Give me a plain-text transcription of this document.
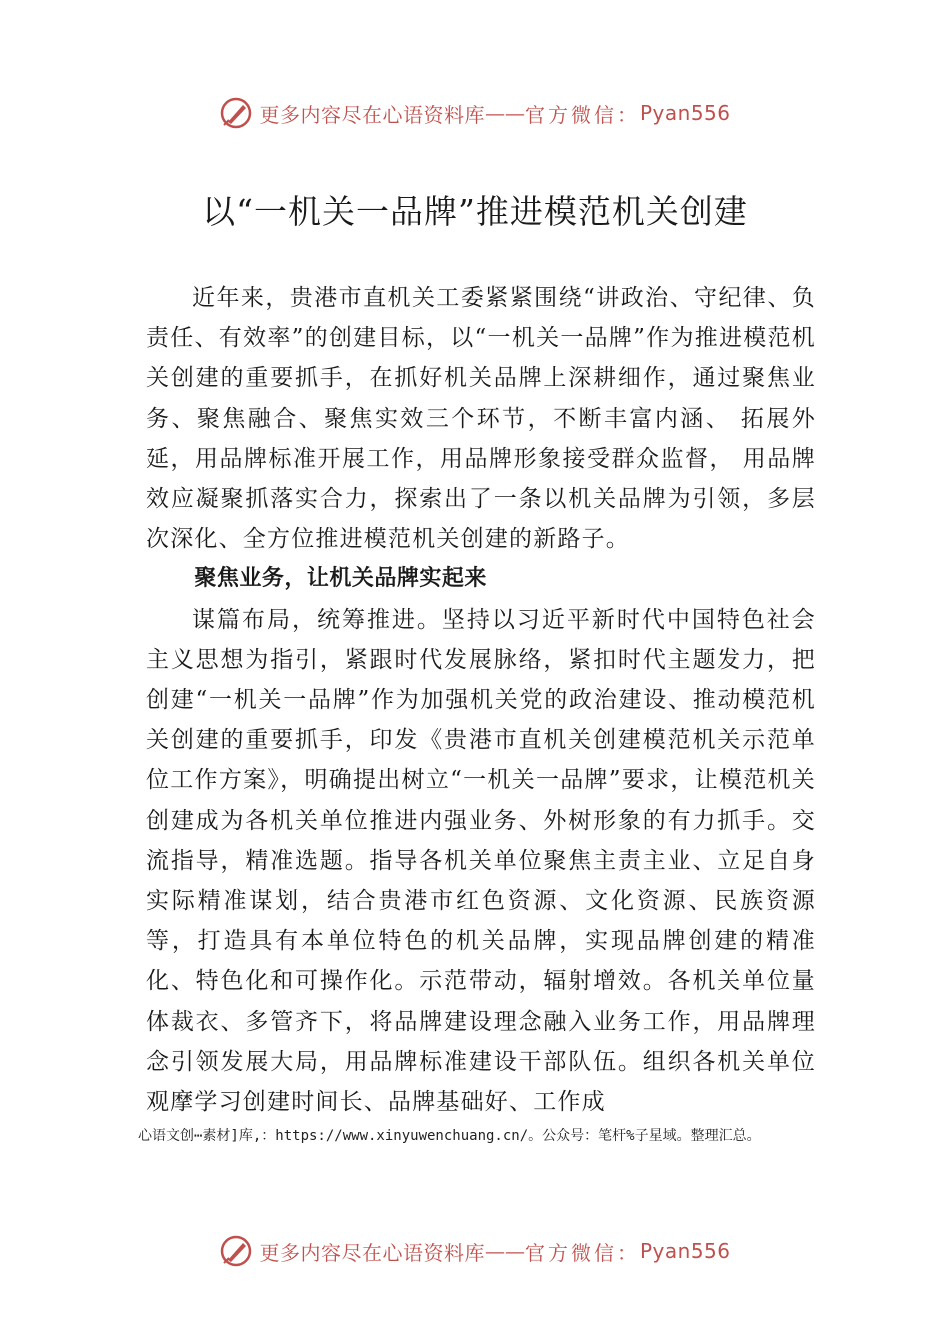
更多内容尽在心语资料库 —— 官方微信： Pyan556
以“一机关一品牌”推进模范机关创建

近年来，贵港市直机关工委紧紧围绕“讲政治、守纪律、负责任、有效率”的创建目标，以“一机关一品牌”作为推进模范机关创建的重要抓手，在抓好机关品牌上深耕细作，通过聚焦业务、聚焦融合、聚焦实效三个环节，不断丰富内涵、 拓展外延，用品牌标准开展工作，用品牌形象接受群众监督， 用品牌效应凝聚抓落实合力，探索出了一条以机关品牌为引领，多层次深化、全方位推进模范机关创建的新路子。

聚焦业务，让机关品牌实起来

谋篇布局，统筹推进。坚持以习近平新时代中国特色社会主义思想为指引，紧跟时代发展脉络，紧扣时代主题发力，把创建“一机关一品牌”作为加强机关党的政治建设、推动模范机关创建的重要抓手，印发《贵港市直机关创建模范机关示范单位工作方案》，明确提出树立“一机关一品牌”要求，让模范机关创建成为各机关单位推进内强业务、外树形象的有力抓手。交流指导，精准选题。指导各机关单位聚焦主责主业、立足自身实际精准谋划，结合贵港市红色资源、文化资源、民族资源等，打造具有本单位特色的机关品牌，实现品牌创建的精准化、特色化和可操作化。示范带动，辐射增效。各机关单位量体裁衣、多管齐下，将品牌建设理念融入业务工作，用品牌理念引领发展大局，用品牌标准建设干部队伍。组织各机关单位观摩学习创建时间长、品牌基础好、工作成

心语文创⋯素材]库,：https://www.xinyuwenchuang.cn/。公众号：笔杆%子星域。整理汇总。
更多内容尽在心语资料库 —— 官方微信： Pyan556
